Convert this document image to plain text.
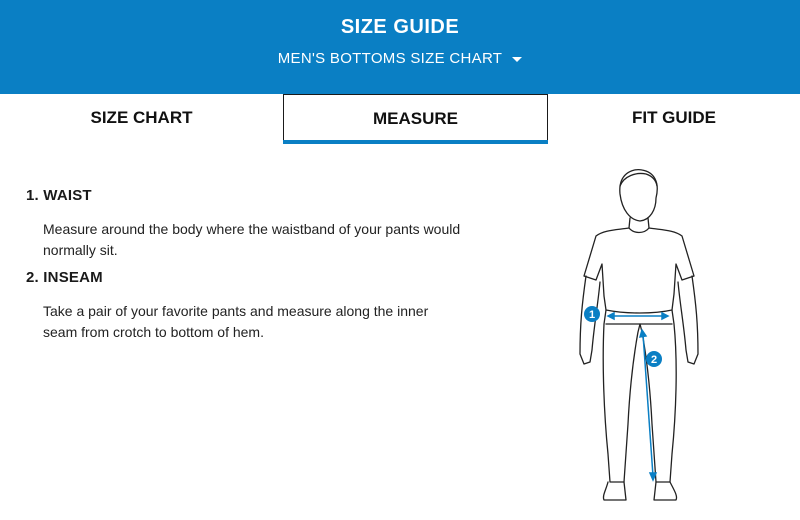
SIZE GUIDE
MEN'S BOTTOMS SIZE CHART
SIZE CHART	MEASURE	FIT GUIDE
1. WAIST
Measure around the body where the waistband of your pants would normally sit.
2. INSEAM
Take a pair of your favorite pants and measure along the inner seam from crotch to bottom of hem.
1
2
